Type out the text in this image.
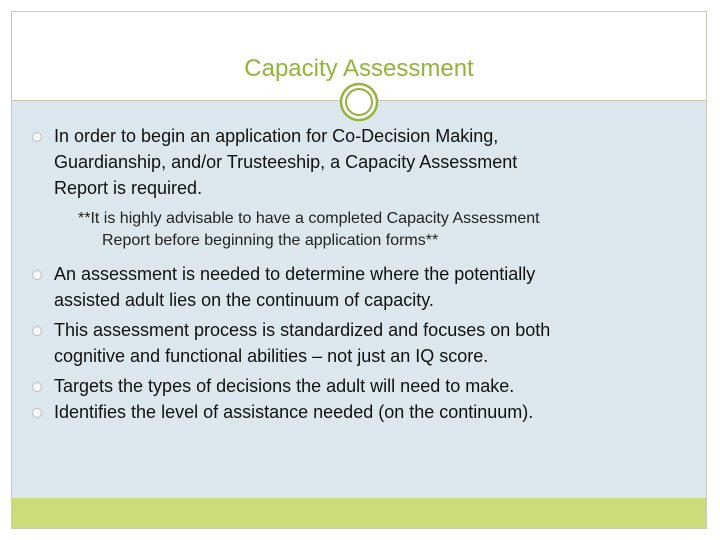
Capacity Assessment
In order to begin an application for Co-Decision Making,
Guardianship, and/or Trusteeship, a Capacity Assessment
Report is required.
**It is highly advisable to have a completed Capacity Assessment
Report before beginning the application forms**
An assessment is needed to determine where the potentially
assisted adult lies on the continuum of capacity.
This assessment process is standardized and focuses on both
cognitive and functional abilities – not just an IQ score.
Targets the types of decisions the adult will need to make.
Identifies the level of assistance needed (on the continuum).
